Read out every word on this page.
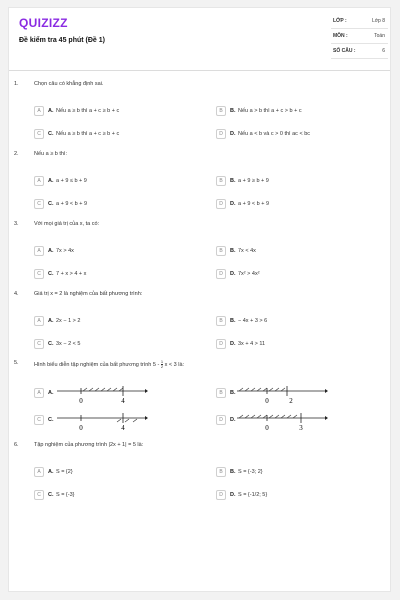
QUIZIZZ
Đề kiểm tra 45 phút (Đề 1)
LỚP :	Lớp 8
MÔN :	Toán
SỐ CÂU :	6
1.	Chọn câu có khẳng định sai.
A	A. Nếu a ≥ b thì a + c ≥ b + c	B	B. Nếu a > b thì a + c > b + c
C	C. Nếu a ≥ b thì a + c ≥ b + c	D	D. Nếu a < b và c > 0 thì ac < bc
2.	Nếu a ≥ b thì:
A	A. a + 9 ≤ b + 9	B	B. a + 9 ≥ b + 9
C	C. a + 9 < b + 9	D	D. a + 9 < b + 9
3.	Với mọi giá trị của x, ta có:
A	A. 7x > 4x	B	B. 7x < 4x
C	C. 7 + x > 4 + x	D	D. 7x² > 4x²
4.	Giá trị x = 2 là nghiệm của bất phương trình:
A	A. 2x − 1 > 2	B	B. − 4x + 3 > 6
C	C. 3x − 2 < 5	D	D. 3x + 4 > 11
5.	Hình biểu diễn tập nghiệm của bất phương trình $5 - \frac{1}{2}$ x < 3 là:
A	A.
0	4
B	B.
0	2
C	C.
0	4
D	D.
0	3
6.	Tập nghiệm của phương trình |2x + 1| = 5 là:
A	A. S = {2}	B	B. S = {-3; 2}
C	C. S = {-3}	D	D. S = {-1/2; 5}
